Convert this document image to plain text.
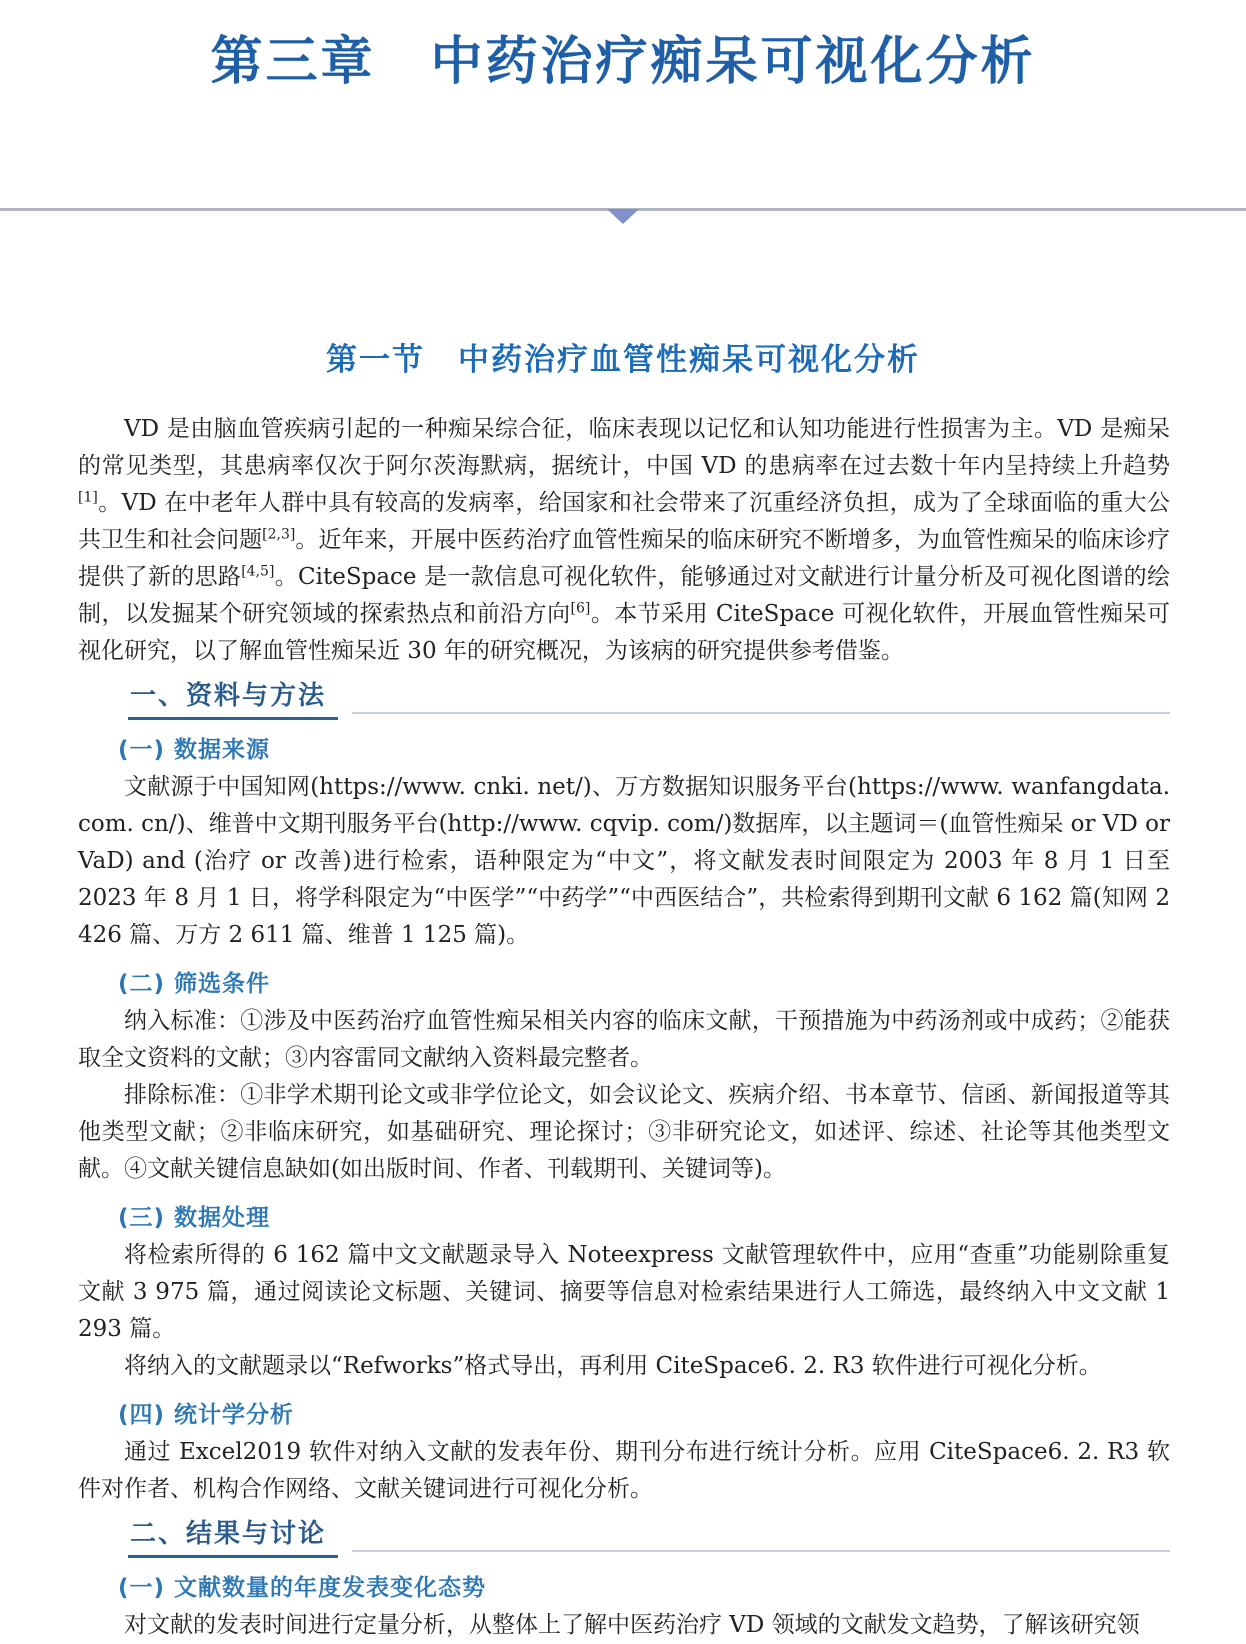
第三章　中药治疗痴呆可视化分析
第一节　中药治疗血管性痴呆可视化分析

VD 是由脑血管疾病引起的一种痴呆综合征，临床表现以记忆和认知功能进行性损害为主。VD 是痴呆的常见类型，其患病率仅次于阿尔茨海默病，据统计，中国 VD 的患病率在过去数十年内呈持续上升趋势[1]。VD 在中老年人群中具有较高的发病率，给国家和社会带来了沉重经济负担，成为了全球面临的重大公共卫生和社会问题[2,3]。近年来，开展中医药治疗血管性痴呆的临床研究不断增多，为血管性痴呆的临床诊疗提供了新的思路[4,5]。CiteSpace 是一款信息可视化软件，能够通过对文献进行计量分析及可视化图谱的绘制，以发掘某个研究领域的探索热点和前沿方向[6]。本节采用 CiteSpace 可视化软件，开展血管性痴呆可视化研究，以了解血管性痴呆近 30 年的研究概况，为该病的研究提供参考借鉴。

一、资料与方法
(一) 数据来源

文献源于中国知网(https://www. cnki. net/)、万方数据知识服务平台(https://www. wanfangdata. com. cn/)、维普中文期刊服务平台(http://www. cqvip. com/)数据库，以主题词＝(血管性痴呆 or VD or VaD) and (治疗 or 改善)进行检索，语种限定为“中文”，将文献发表时间限定为 2003 年 8 月 1 日至 2023 年 8 月 1 日，将学科限定为“中医学”“中药学”“中西医结合”，共检索得到期刊文献 6 162 篇(知网 2 426 篇、万方 2 611 篇、维普 1 125 篇)。

(二) 筛选条件

纳入标准：①涉及中医药治疗血管性痴呆相关内容的临床文献，干预措施为中药汤剂或中成药；②能获取全文资料的文献；③内容雷同文献纳入资料最完整者。

排除标准：①非学术期刊论文或非学位论文，如会议论文、疾病介绍、书本章节、信函、新闻报道等其他类型文献；②非临床研究，如基础研究、理论探讨；③非研究论文，如述评、综述、社论等其他类型文献。④文献关键信息缺如(如出版时间、作者、刊载期刊、关键词等)。

(三) 数据处理

将检索所得的 6 162 篇中文文献题录导入 Noteexpress 文献管理软件中，应用“查重”功能剔除重复文献 3 975 篇，通过阅读论文标题、关键词、摘要等信息对检索结果进行人工筛选，最终纳入中文文献 1 293 篇。

将纳入的文献题录以“Refworks”格式导出，再利用 CiteSpace6. 2. R3 软件进行可视化分析。

(四) 统计学分析

通过 Excel2019 软件对纳入文献的发表年份、期刊分布进行统计分析。应用 CiteSpace6. 2. R3 软件对作者、机构合作网络、文献关键词进行可视化分析。

二、结果与讨论
(一) 文献数量的年度发表变化态势

对文献的发表时间进行定量分析，从整体上了解中医药治疗 VD 领域的文献发文趋势，了解该研究领
